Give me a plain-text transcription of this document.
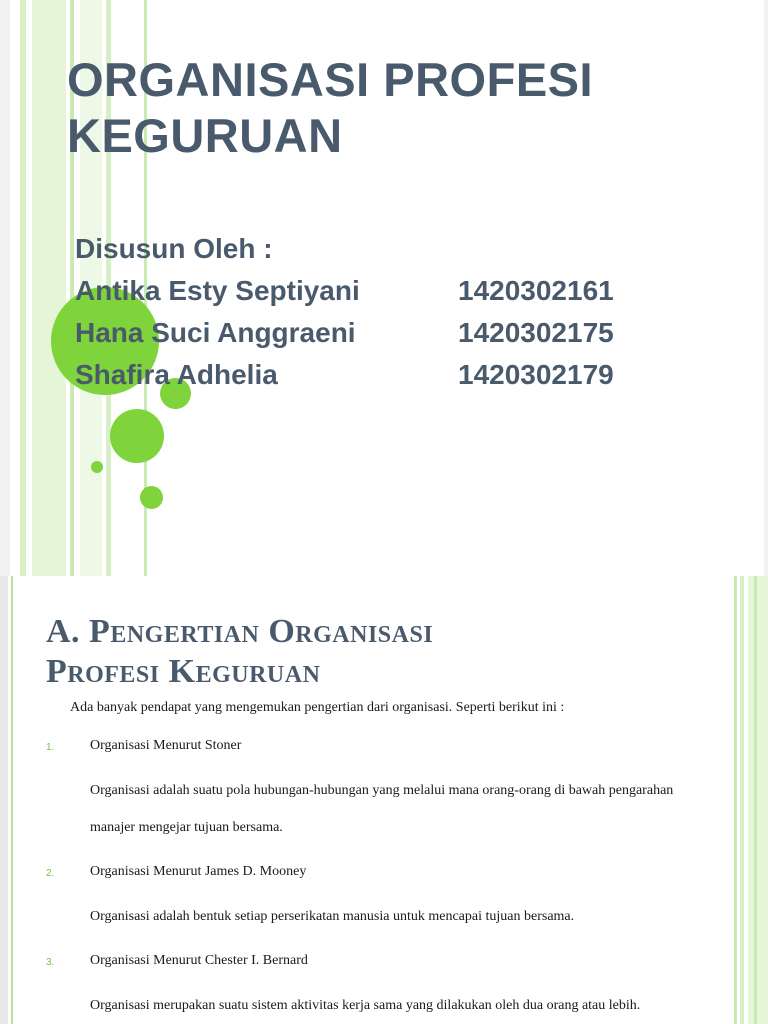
ORGANISASI PROFESI KEGURUAN
Disusun Oleh :
Antika Esty Septiyani	1420302161
Hana Suci Anggraeni	1420302175
Shafira Adhelia	1420302179
A. Pengertian Organisasi
Profesi Keguruan
Ada banyak pendapat yang mengemukan pengertian dari organisasi. Seperti berikut ini :
1.	Organisasi Menurut Stoner
Organisasi adalah suatu pola hubungan-hubungan yang melalui mana orang-orang di bawah pengarahan manajer mengejar tujuan bersama.
2.	Organisasi Menurut James D. Mooney
Organisasi adalah bentuk setiap perserikatan manusia untuk mencapai tujuan bersama.
3.	Organisasi Menurut Chester I. Bernard
Organisasi merupakan suatu sistem aktivitas kerja sama yang dilakukan oleh dua orang atau lebih.
